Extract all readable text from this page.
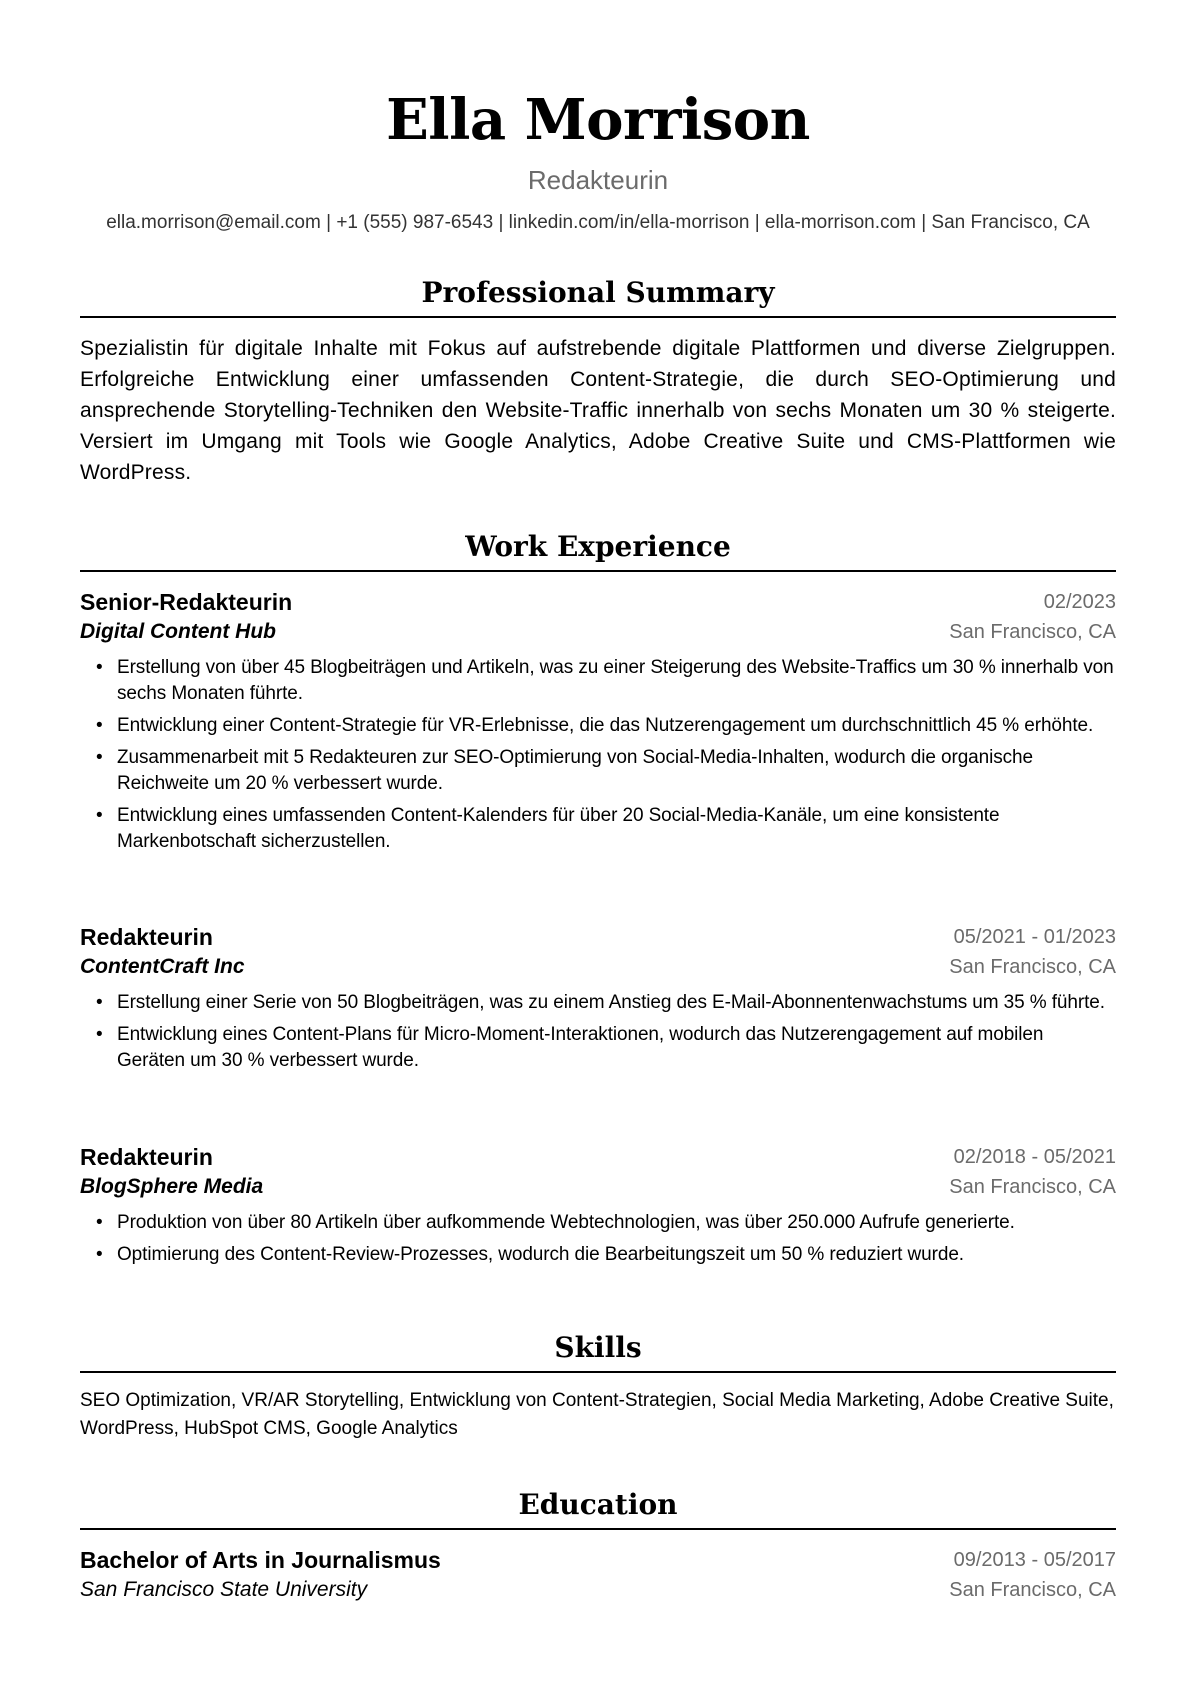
Ella Morrison
Redakteurin
ella.morrison@email.com | +1 (555) 987-6543 | linkedin.com/in/ella-morrison | ella-morrison.com | San Francisco, CA
Professional Summary
Spezialistin für digitale Inhalte mit Fokus auf aufstrebende digitale Plattformen und diverse Zielgruppen. Erfolgreiche Entwicklung einer umfassenden Content-Strategie, die durch SEO-Optimierung und ansprechende Storytelling-Techniken den Website-Traffic innerhalb von sechs Monaten um 30 % steigerte. Versiert im Umgang mit Tools wie Google Analytics, Adobe Creative Suite und CMS-Plattformen wie WordPress.
Work Experience
Senior-Redakteurin	02/2023
Digital Content Hub	San Francisco, CA
• Erstellung von über 45 Blogbeiträgen und Artikeln, was zu einer Steigerung des Website-Traffics um 30 % innerhalb von sechs Monaten führte.
• Entwicklung einer Content-Strategie für VR-Erlebnisse, die das Nutzerengagement um durchschnittlich 45 % erhöhte.
• Zusammenarbeit mit 5 Redakteuren zur SEO-Optimierung von Social-Media-Inhalten, wodurch die organische Reichweite um 20 % verbessert wurde.
• Entwicklung eines umfassenden Content-Kalenders für über 20 Social-Media-Kanäle, um eine konsistente Markenbotschaft sicherzustellen.
Redakteurin	05/2021 - 01/2023
ContentCraft Inc	San Francisco, CA
• Erstellung einer Serie von 50 Blogbeiträgen, was zu einem Anstieg des E-Mail-Abonnentenwachstums um 35 % führte.
• Entwicklung eines Content-Plans für Micro-Moment-Interaktionen, wodurch das Nutzerengagement auf mobilen Geräten um 30 % verbessert wurde.
Redakteurin	02/2018 - 05/2021
BlogSphere Media	San Francisco, CA
• Produktion von über 80 Artikeln über aufkommende Webtechnologien, was über 250.000 Aufrufe generierte.
• Optimierung des Content-Review-Prozesses, wodurch die Bearbeitungszeit um 50 % reduziert wurde.
Skills
SEO Optimization, VR/AR Storytelling, Entwicklung von Content-Strategien, Social Media Marketing, Adobe Creative Suite, WordPress, HubSpot CMS, Google Analytics
Education
Bachelor of Arts in Journalismus	09/2013 - 05/2017
San Francisco State University	San Francisco, CA
